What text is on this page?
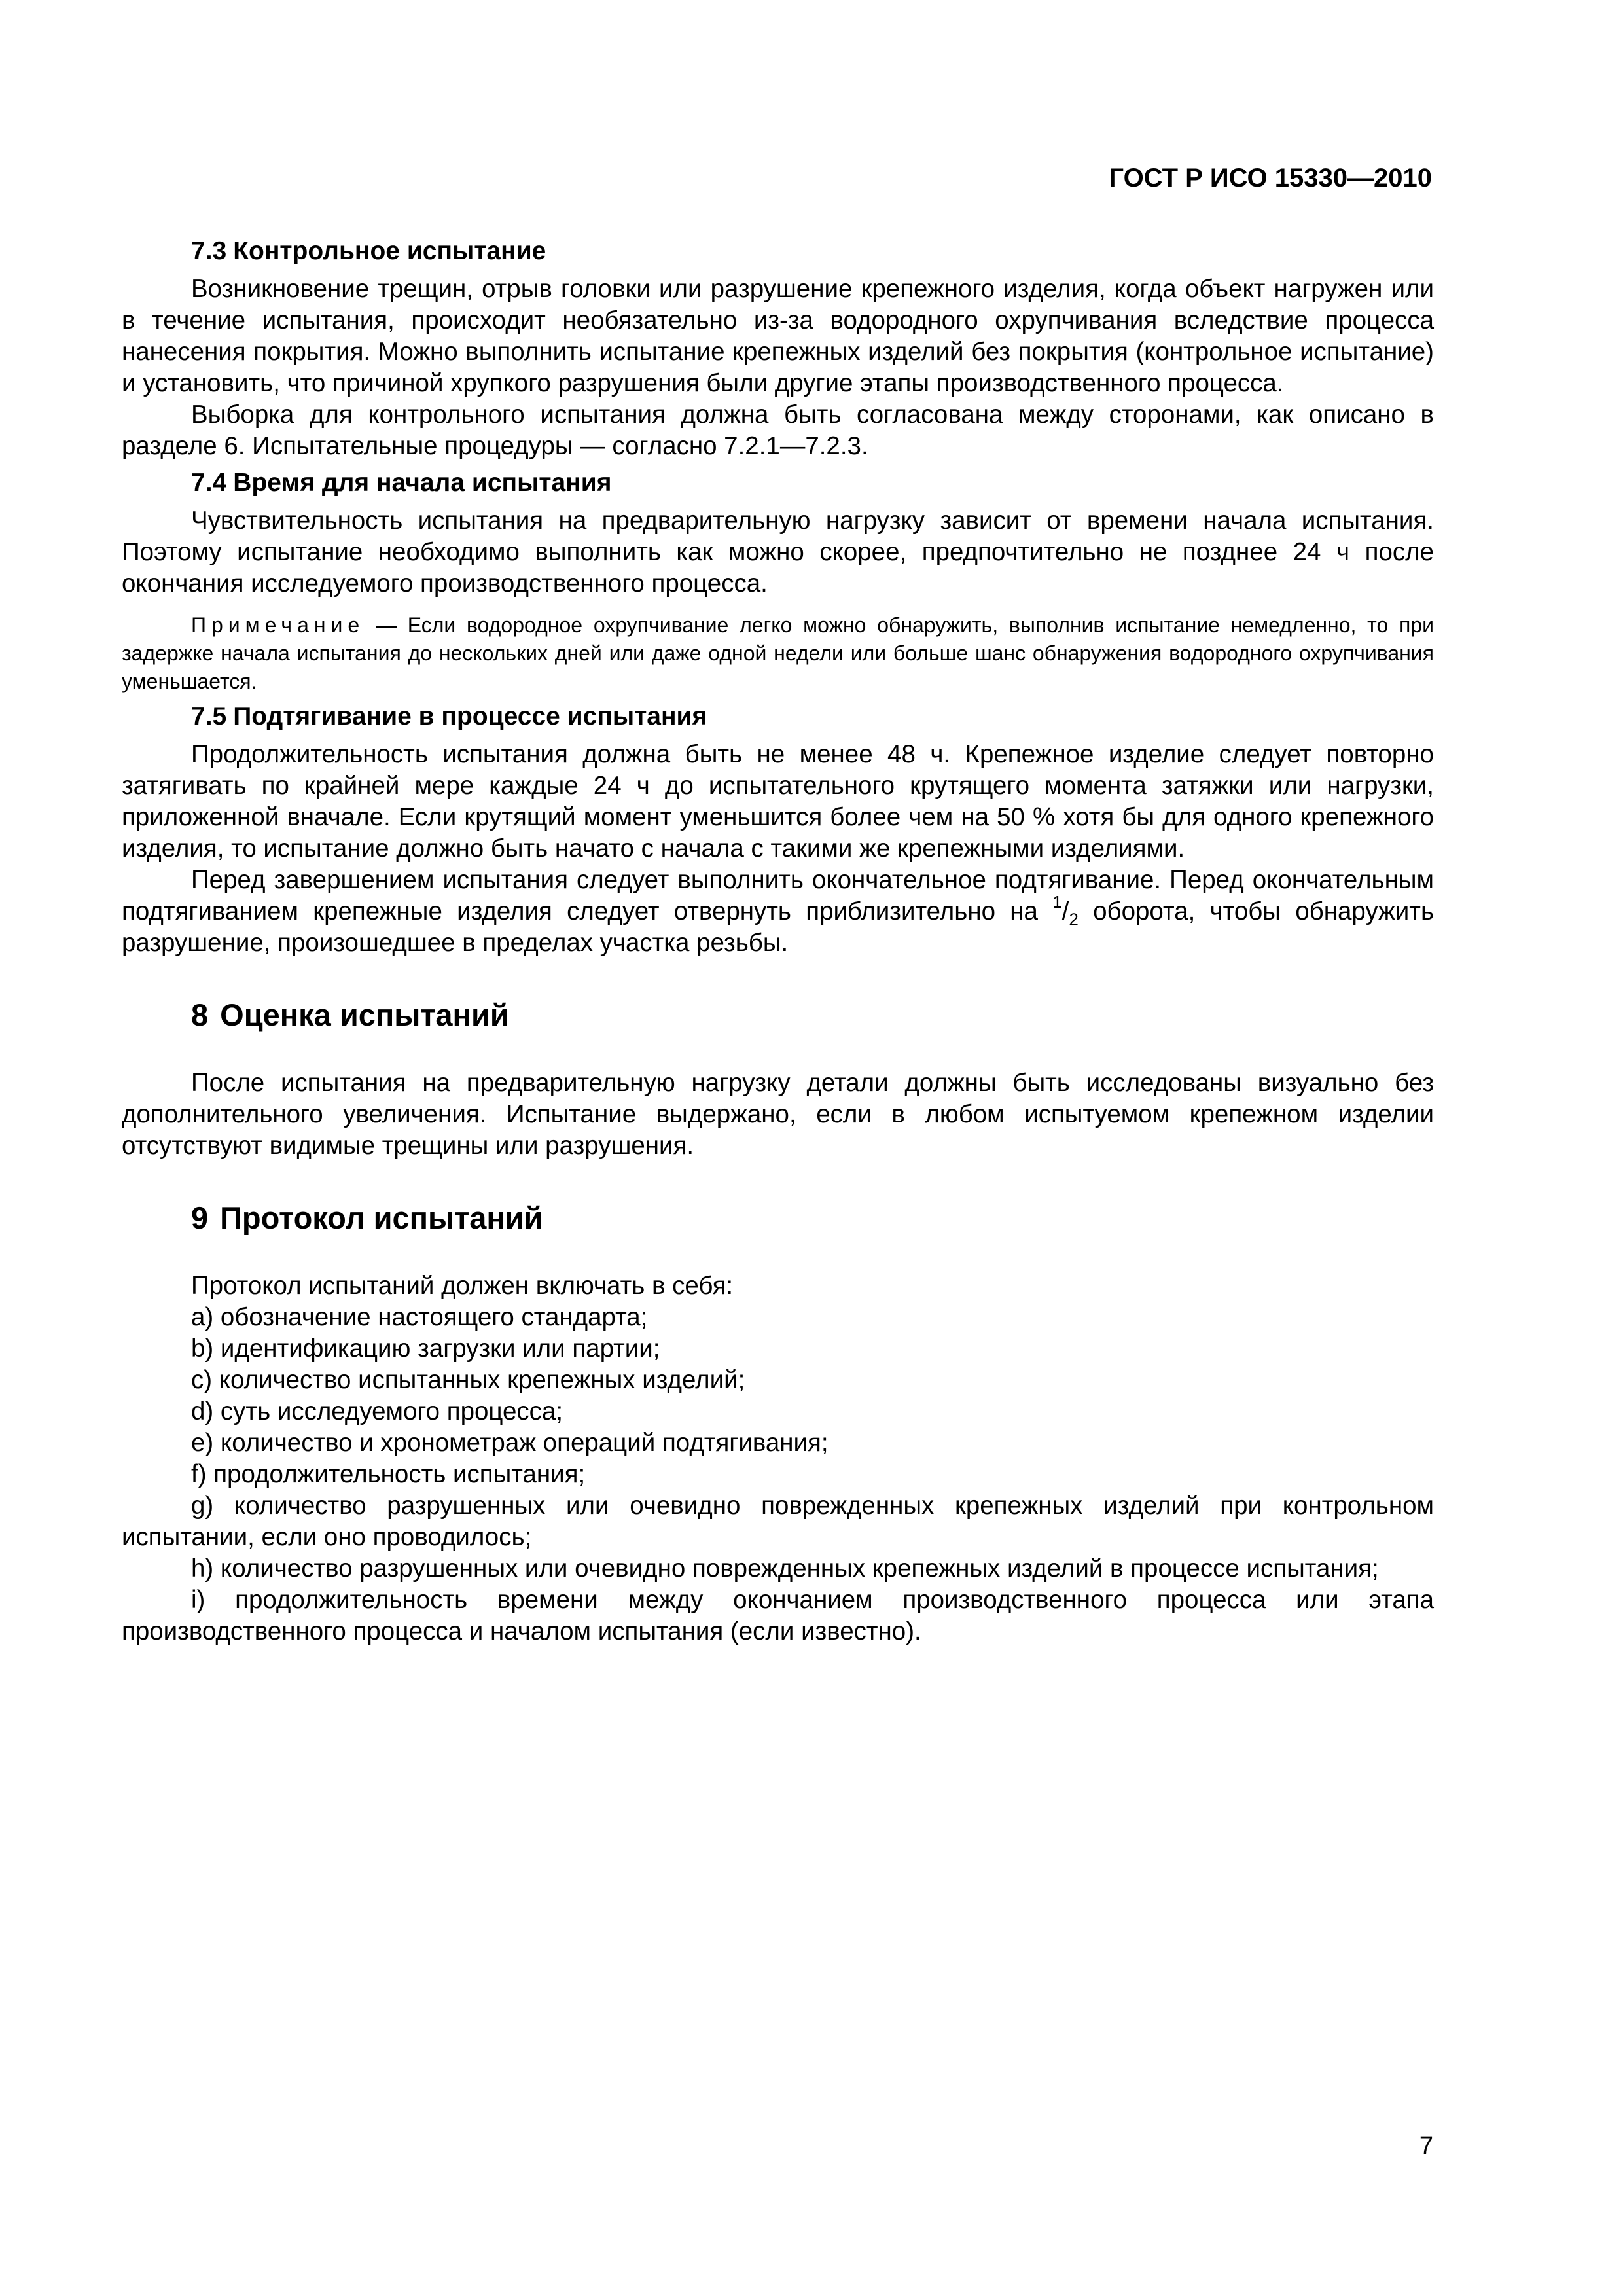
ГОСТ Р ИСО 15330—2010
7.3 Контрольное испытание

Возникновение трещин, отрыв головки или разрушение крепежного изделия, когда объект нагружен или в течение испытания, происходит необязательно из-за водородного охрупчивания вследствие процесса нанесения покрытия. Можно выполнить испытание крепежных изделий без покрытия (контрольное испытание) и установить, что причиной хрупкого разрушения были другие этапы производственного процесса.

Выборка для контрольного испытания должна быть согласована между сторонами, как описано в разделе 6. Испытательные процедуры — согласно 7.2.1—7.2.3.

7.4 Время для начала испытания

Чувствительность испытания на предварительную нагрузку зависит от времени начала испытания. Поэтому испытание необходимо выполнить как можно скорее, предпочтительно не позднее 24 ч после окончания исследуемого производственного процесса.

Примечание — Если водородное охрупчивание легко можно обнаружить, выполнив испытание немедленно, то при задержке начала испытания до нескольких дней или даже одной недели или больше шанс обнаружения водородного охрупчивания уменьшается.

7.5 Подтягивание в процессе испытания

Продолжительность испытания должна быть не менее 48 ч. Крепежное изделие следует повторно затягивать по крайней мере каждые 24 ч до испытательного крутящего момента затяжки или нагрузки, приложенной вначале. Если крутящий момент уменьшится более чем на 50 % хотя бы для одного крепежного изделия, то испытание должно быть начато с начала с такими же крепежными изделиями.

Перед завершением испытания следует выполнить окончательное подтягивание. Перед окончательным подтягиванием крепежные изделия следует отвернуть приблизительно на $^1/_2$ оборота, чтобы обнаружить разрушение, произошедшее в пределах участка резьбы.

8 Оценка испытаний

После испытания на предварительную нагрузку детали должны быть исследованы визуально без дополнительного увеличения. Испытание выдержано, если в любом испытуемом крепежном изделии отсутствуют видимые трещины или разрушения.

9 Протокол испытаний

Протокол испытаний должен включать в себя:

a) обозначение настоящего стандарта;

b) идентификацию загрузки или партии;

c) количество испытанных крепежных изделий;

d) суть исследуемого процесса;

e) количество и хронометраж операций подтягивания;

f) продолжительность испытания;

g) количество разрушенных или очевидно поврежденных крепежных изделий при контрольном испытании, если оно проводилось;

h) количество разрушенных или очевидно поврежденных крепежных изделий в процессе испытания;

i) продолжительность времени между окончанием производственного процесса или этапа производственного процесса и началом испытания (если известно).

7
